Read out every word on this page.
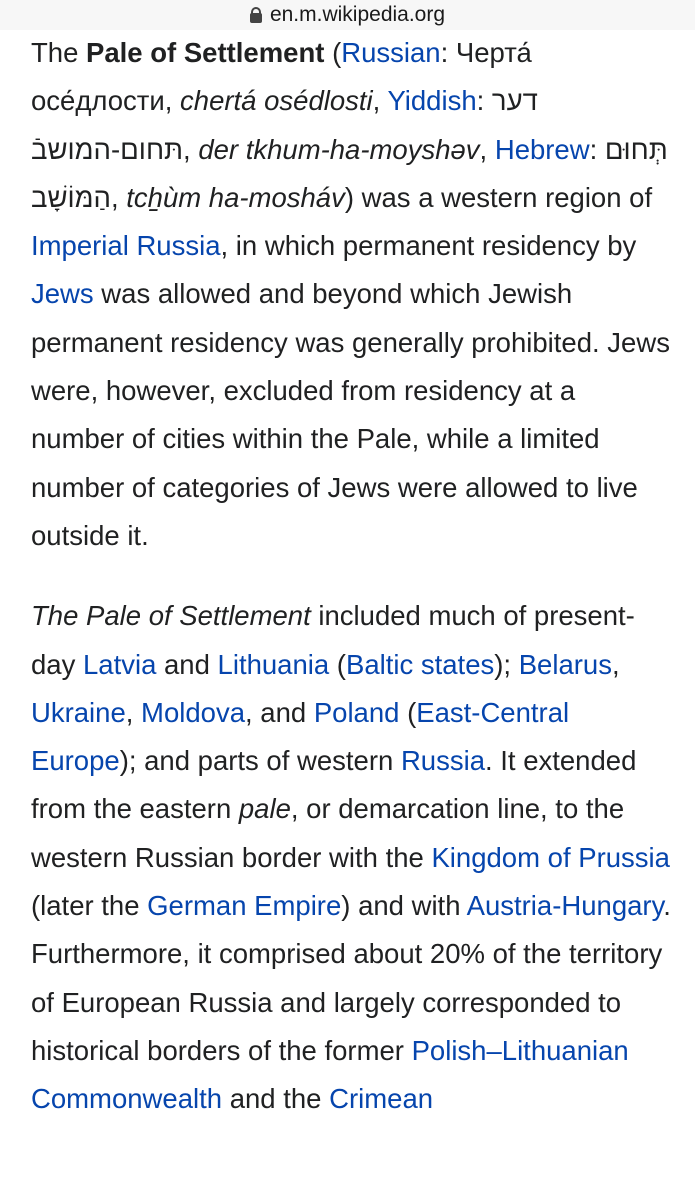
en.m.wikipedia.org

The Pale of Settlement (Russian: Черта́ осе́длости, chertá osédlosti, Yiddish: דער תּחום-המושבֿ, der tkhum-ha-moyshəv, Hebrew: תְּחוּם הַמּוֹשָׁב, tcẖùm ha-mosháv) was a western region of Imperial Russia, in which permanent residency by Jews was allowed and beyond which Jewish permanent residency was generally prohibited. Jews were, however, excluded from residency at a number of cities within the Pale, while a limited number of categories of Jews were allowed to live outside it.

The Pale of Settlement included much of present-day Latvia and Lithuania (Baltic states); Belarus, Ukraine, Moldova, and Poland (East-Central Europe); and parts of western Russia. It extended from the eastern pale, or demarcation line, to the western Russian border with the Kingdom of Prussia (later the German Empire) and with Austria-Hungary. Furthermore, it comprised about 20% of the territory of European Russia and largely corresponded to historical borders of the former Polish–Lithuanian Commonwealth and the Crimean
